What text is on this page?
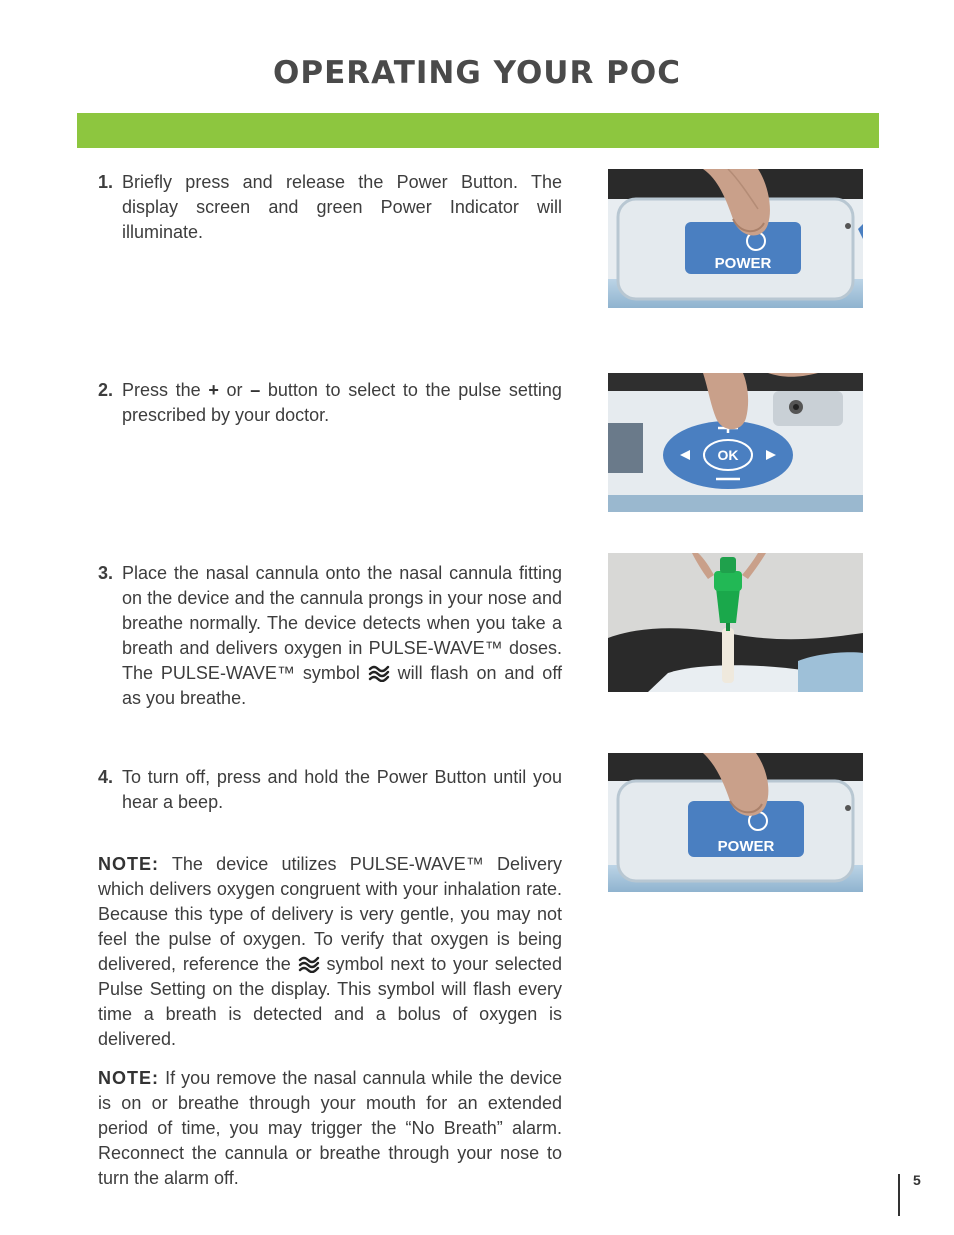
OPERATING YOUR POC
1. Briefly press and release the Power Button. The display screen and green Power Indicator will illuminate.
2. Press the + or – button to select to the pulse setting prescribed by your doctor.
3. Place the nasal cannula onto the nasal cannula fitting on the device and the cannula prongs in your nose and breathe normally. The device detects when you take a breath and delivers oxygen in PULSE-WAVE™ doses. The PULSE-WAVE™ symbol will flash on and off as you breathe.
4. To turn off, press and hold the Power Button until you hear a beep.
NOTE: The device utilizes PULSE-WAVE™ Delivery which delivers oxygen congruent with your inhalation rate. Because this type of delivery is very gentle, you may not feel the pulse of oxygen. To verify that oxygen is being delivered, reference the symbol next to your selected Pulse Setting on the display. This symbol will flash every time a breath is detected and a bolus of oxygen is delivered.
NOTE: If you remove the nasal cannula while the device is on or breathe through your mouth for an extended period of time, you may trigger the “No Breath” alarm. Reconnect the cannula or breathe through your nose to turn the alarm off.
POWER
OK
POWER
5
